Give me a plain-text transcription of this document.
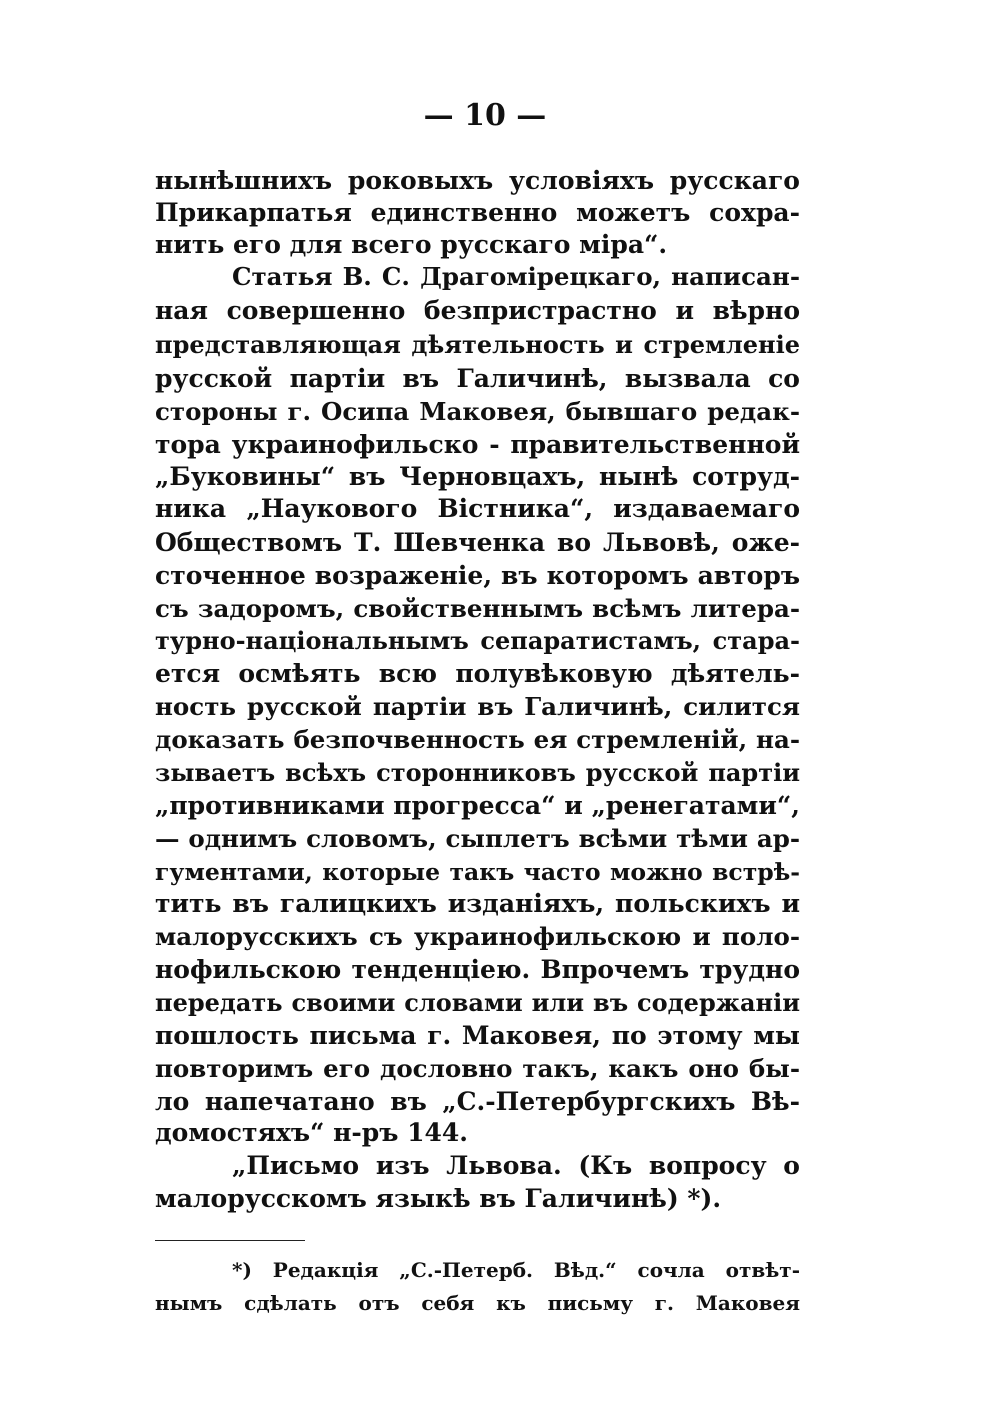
— 10 —
нынѣшнихъ роковыхъ условіяхъ русскаго
Прикарпатья единственно можетъ сохра-
нить его для всего русскаго міра“.
Статья В. С. Драгомірецкаго, написан-
ная совершенно безпристрастно и вѣрно
представляющая дѣятельность и стремленіе
русской партіи въ Галичинѣ, вызвала со
стороны г. Осипа Маковея, бывшаго редак-
тора украинофильско - правительственной
„Буковины“ въ Черновцахъ, нынѣ сотруд-
ника „Наукового Вістника“, издаваемаго
Обществомъ Т. Шевченка во Львовѣ, оже-
сточенное возраженіе, въ которомъ авторъ
съ задоромъ, свойственнымъ всѣмъ литера-
турно-національнымъ сепаратистамъ, стара-
ется осмѣять всю полувѣковую дѣятель-
ность русской партіи въ Галичинѣ, силится
доказать безпочвенность ея стремленій, на-
зываетъ всѣхъ сторонниковъ русской партіи
„противниками прогресса“ и „ренегатами“,
— однимъ словомъ, сыплетъ всѣми тѣми ар-
гументами, которые такъ часто можно встрѣ-
тить въ галицкихъ изданіяхъ, польскихъ и
малорусскихъ съ украинофильскою и поло-
нофильскою тенденціею. Впрочемъ трудно
передать своими словами или въ содержаніи
пошлость письма г. Маковея, по этому мы
повторимъ его дословно такъ, какъ оно бы-
ло напечатано въ „С.-Петербургскихъ Вѣ-
домостяхъ“ н-ръ 144.
„Письмо изъ Львова. (Къ вопросу о
малорусскомъ языкѣ въ Галичинѣ) *).
*) Редакція „С.-Петерб. Вѣд.“ сочла отвѣт-
нымъ сдѣлать отъ себя къ письму г. Маковея
